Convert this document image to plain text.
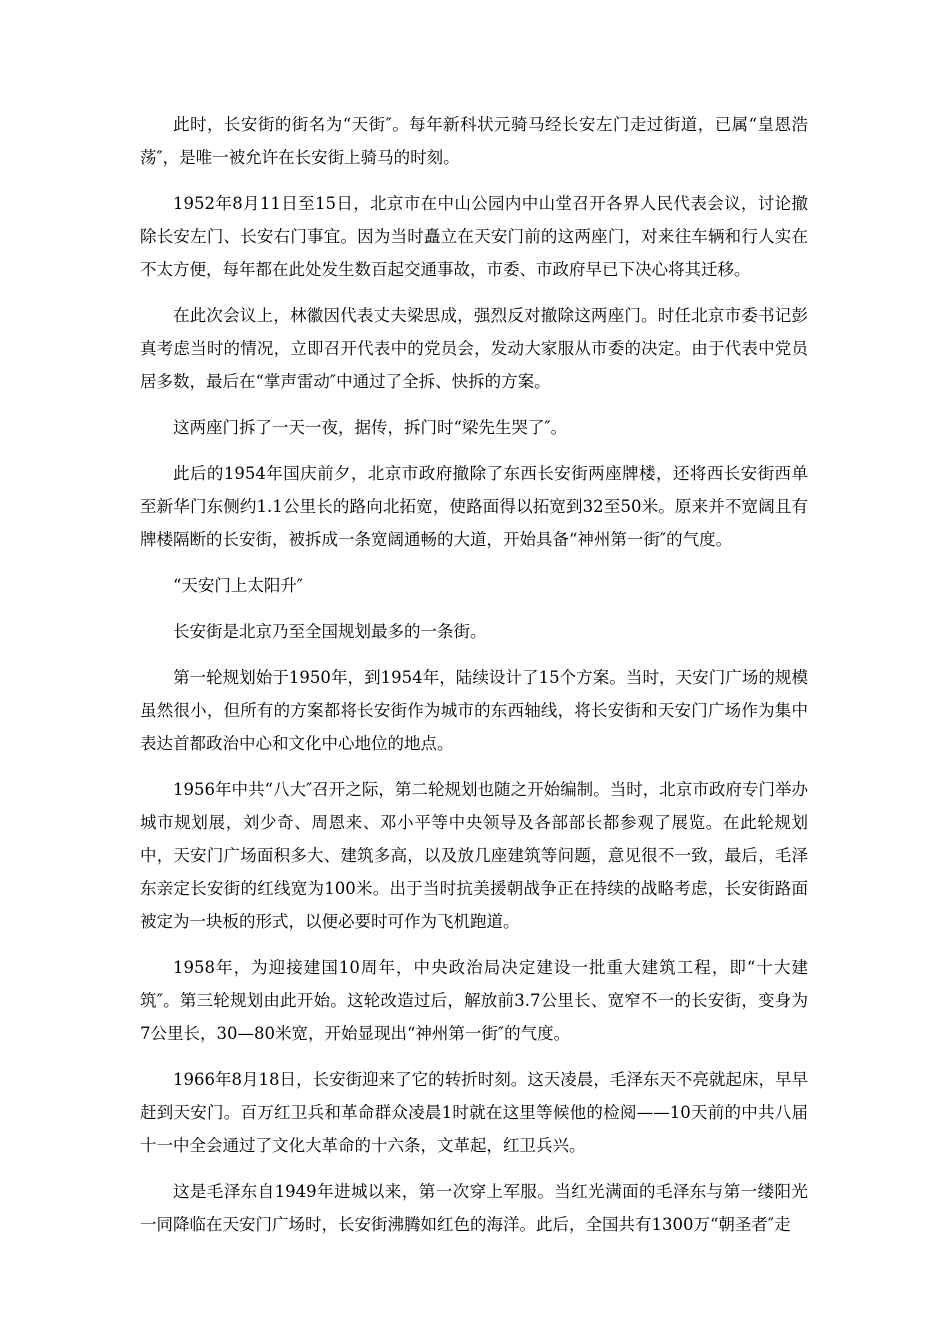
此时，长安街的街名为“天街″。每年新科状元骑马经长安左门走过街道，已属“皇恩浩荡″，是唯一被允许在长安街上骑马的时刻。

1952年8月11日至15日，北京市在中山公园内中山堂召开各界人民代表会议，讨论撤除长安左门、长安右门事宜。因为当时矗立在天安门前的这两座门，对来往车辆和行人实在不太方便，每年都在此处发生数百起交通事故，市委、市政府早已下决心将其迁移。

在此次会议上，林徽因代表丈夫梁思成，强烈反对撤除这两座门。时任北京市委书记彭真考虑当时的情况，立即召开代表中的党员会，发动大家服从市委的决定。由于代表中党员居多数，最后在“掌声雷动″中通过了全拆、快拆的方案。

这两座门拆了一天一夜，据传，拆门时“梁先生哭了″。

此后的1954年国庆前夕，北京市政府撤除了东西长安街两座牌楼，还将西长安街西单至新华门东侧约1.1公里长的路向北拓宽，使路面得以拓宽到32至50米。原来并不宽阔且有牌楼隔断的长安街，被拆成一条宽阔通畅的大道，开始具备“神州第一街″的气度。

“天安门上太阳升″

长安街是北京乃至全国规划最多的一条街。

第一轮规划始于1950年，到1954年，陆续设计了15个方案。当时，天安门广场的规模虽然很小，但所有的方案都将长安街作为城市的东西轴线，将长安街和天安门广场作为集中表达首都政治中心和文化中心地位的地点。

1956年中共“八大″召开之际，第二轮规划也随之开始编制。当时，北京市政府专门举办城市规划展，刘少奇、周恩来、邓小平等中央领导及各部部长都参观了展览。在此轮规划中，天安门广场面积多大、建筑多高，以及放几座建筑等问题，意见很不一致，最后，毛泽东亲定长安街的红线宽为100米。出于当时抗美援朝战争正在持续的战略考虑，长安街路面被定为一块板的形式，以便必要时可作为飞机跑道。

1958年，为迎接建国10周年，中央政治局决定建设一批重大建筑工程，即“十大建筑″。第三轮规划由此开始。这轮改造过后，解放前3.7公里长、宽窄不一的长安街，变身为7公里长，30—80米宽，开始显现出“神州第一街″的气度。

1966年8月18日，长安街迎来了它的转折时刻。这天凌晨，毛泽东天不亮就起床，早早赶到天安门。百万红卫兵和革命群众凌晨1时就在这里等候他的检阅——10天前的中共八届十一中全会通过了文化大革命的十六条，文革起，红卫兵兴。

这是毛泽东自1949年进城以来，第一次穿上军服。当红光满面的毛泽东与第一缕阳光一同降临在天安门广场时，长安街沸腾如红色的海洋。此后，全国共有1300万“朝圣者″走
